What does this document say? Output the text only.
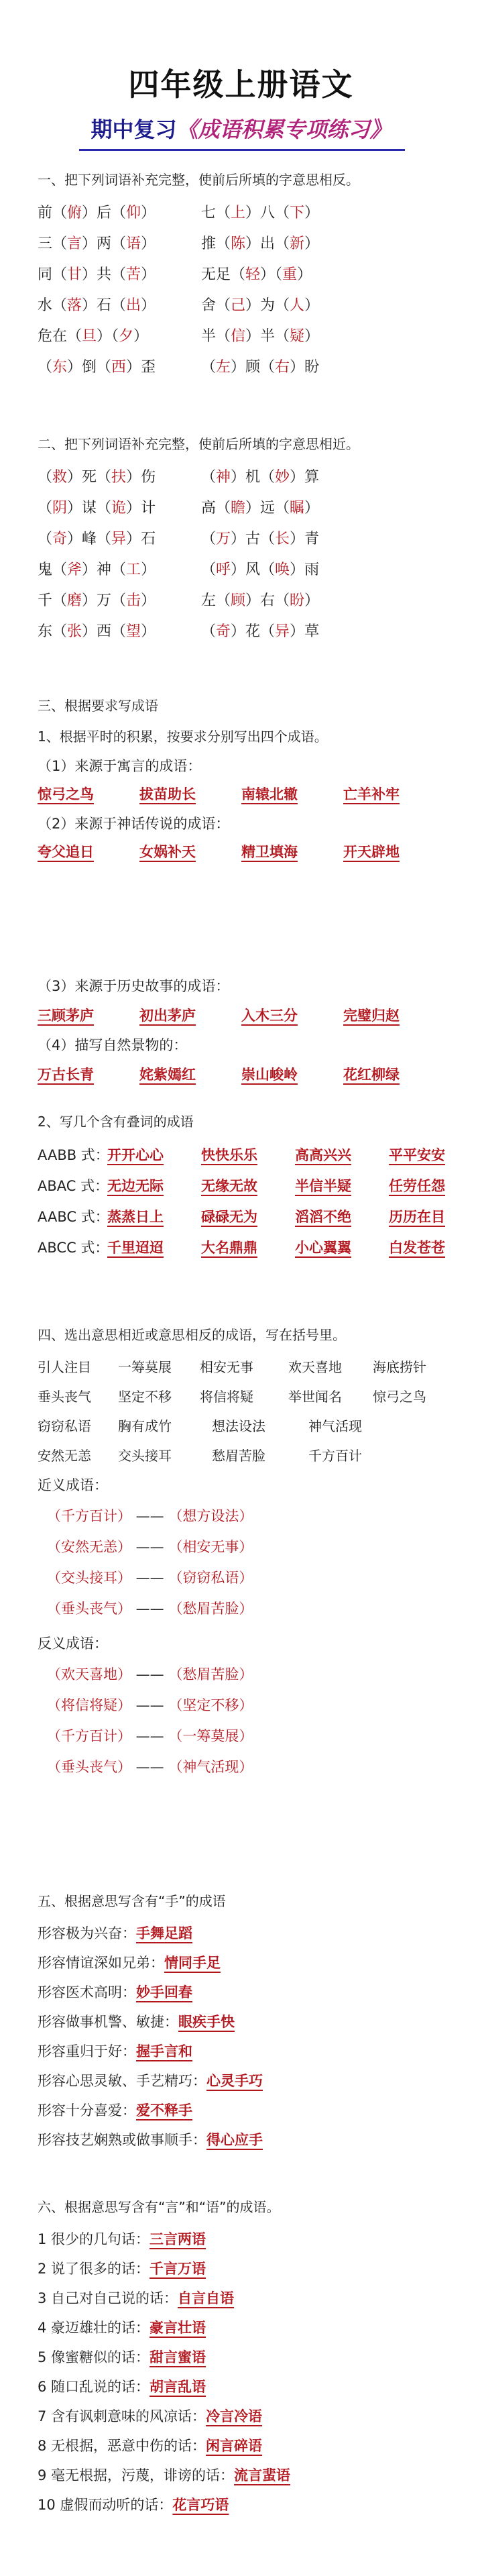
四年级上册语文
期中复习《成语积累专项练习》
一、把下列词语补充完整，使前后所填的字意思相反。
前（俯）后（仰）	七（上）八（下）
三（言）两（语）	推（陈）出（新）
同（甘）共（苦）	无足（轻）（重）
水（落）石（出）	舍（己）为（人）
危在（旦）（夕）	半（信）半（疑）
（东）倒（西）歪	（左）顾（右）盼
二、把下列词语补充完整，使前后所填的字意思相近。
（救）死（扶）伤	（神）机（妙）算
（阴）谋（诡）计	高（瞻）远（瞩）
（奇）峰（异）石	（万）古（长）青
鬼（斧）神（工）	（呼）风（唤）雨
千（磨）万（击）	左（顾）右（盼）
东（张）西（望）	（奇）花（异）草
三、根据要求写成语
1、根据平时的积累，按要求分别写出四个成语。
（1）来源于寓言的成语：
惊弓之鸟	拔苗助长	南辕北辙	亡羊补牢
（2）来源于神话传说的成语：
夸父追日	女娲补天	精卫填海	开天辟地
（3）来源于历史故事的成语：
三顾茅庐	初出茅庐	入木三分	完璧归赵
（4）描写自然景物的：
万古长青	姹紫嫣红	崇山峻岭	花红柳绿
2、写几个含有叠词的成语
AABB 式：
开开心心	快快乐乐	高高兴兴	平平安安
ABAC 式：
无边无际	无缘无故	半信半疑	任劳任怨
AABC 式：
蒸蒸日上	碌碌无为	滔滔不绝	历历在目
ABCC 式：
千里迢迢	大名鼎鼎	小心翼翼	白发苍苍
四、选出意思相近或意思相反的成语，写在括号里。
引人注目 一筹莫展 相安无事	欢天喜地 海底捞针
垂头丧气 坚定不移 将信将疑	举世闻名 惊弓之鸟
窃窃私语 胸有成竹	想法设法	神气活现
安然无恙 交头接耳	愁眉苦脸	千方百计
近义成语：
（千方百计） —— （想方设法）
（安然无恙） —— （相安无事）
（交头接耳） —— （窃窃私语）
（垂头丧气） —— （愁眉苦脸）
反义成语：
（欢天喜地） —— （愁眉苦脸）
（将信将疑） —— （坚定不移）
（千方百计） —— （一筹莫展）
（垂头丧气） —— （神气活现）
五、根据意思写含有“手”的成语
形容极为兴奋：手舞足蹈
形容情谊深如兄弟：情同手足
形容医术高明：妙手回春
形容做事机警、敏捷：眼疾手快
形容重归于好：握手言和
形容心思灵敏、手艺精巧：心灵手巧
形容十分喜爱：爱不释手
形容技艺娴熟或做事顺手：得心应手
六、根据意思写含有“言”和“语”的成语。
1 很少的几句话：三言两语
2 说了很多的话：千言万语
3 自己对自己说的话：自言自语
4 豪迈雄壮的话：豪言壮语
5 像蜜糖似的话：甜言蜜语
6 随口乱说的话：胡言乱语
7 含有讽刺意味的风凉话：冷言冷语
8 无根据，恶意中伤的话：闲言碎语
9 毫无根据，污蔑，诽谤的话：流言蜚语
10 虚假而动听的话：花言巧语
